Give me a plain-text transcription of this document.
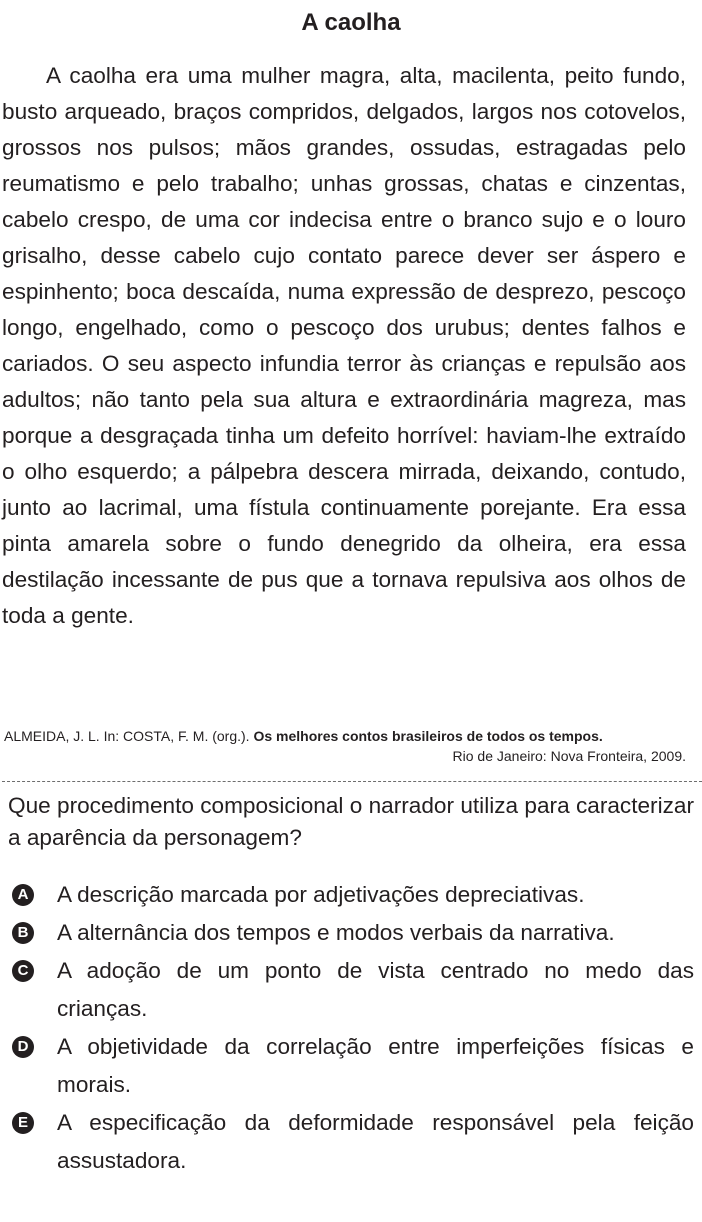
A caolha

A caolha era uma mulher magra, alta, macilenta, peito fundo, busto arqueado, braços compridos, delgados, largos nos cotovelos, grossos nos pulsos; mãos grandes, ossudas, estragadas pelo reumatismo e pelo trabalho; unhas grossas, chatas e cinzentas, cabelo crespo, de uma cor indecisa entre o branco sujo e o louro grisalho, desse cabelo cujo contato parece dever ser áspero e espinhento; boca descaída, numa expressão de desprezo, pescoço longo, engelhado, como o pescoço dos urubus; dentes falhos e cariados. O seu aspecto infundia terror às crianças e repulsão aos adultos; não tanto pela sua altura e extraordinária magreza, mas porque a desgraçada tinha um defeito horrível: haviam-lhe extraído o olho esquerdo; a pálpebra descera mirrada, deixando, contudo, junto ao lacrimal, uma fístula continuamente porejante. Era essa pinta amarela sobre o fundo denegrido da olheira, era essa destilação incessante de pus que a tornava repulsiva aos olhos de toda a gente.

ALMEIDA, J. L. In: COSTA, F. M. (org.). Os melhores contos brasileiros de todos os tempos.
Rio de Janeiro: Nova Fronteira, 2009.

Que procedimento composicional o narrador utiliza para caracterizar a aparência da personagem?

A A descrição marcada por adjetivações depreciativas.
B A alternância dos tempos e modos verbais da narrativa.
C A adoção de um ponto de vista centrado no medo das crianças.
D A objetividade da correlação entre imperfeições físicas e morais.
E A especificação da deformidade responsável pela feição assustadora.
